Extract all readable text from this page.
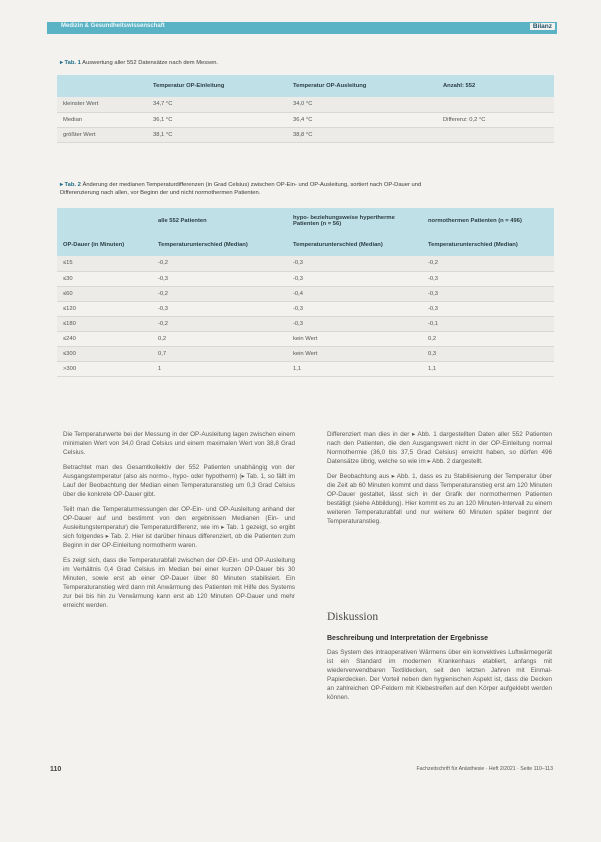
Medizin & Gesundheitswissenschaft	Bilanz
▸ Tab. 1 Auswertung aller 552 Datensätze nach dem Messen.
	Temperatur OP-Einleitung	Temperatur OP-Ausleitung	Anzahl: 552
kleinster Wert	34,7 °C	34,0 °C	
Median	36,1 °C	36,4 °C	Differenz: 0,2 °C
größter Wert	38,1 °C	38,8 °C	
▸ Tab. 2 Änderung der medianen Temperaturdifferenzen (in Grad Celsius) zwischen OP-Ein- und OP-Ausleitung, sortiert nach OP-Dauer und
Differenzierung nach allen, vor Beginn der und nicht normothermen Patienten.
	alle 552 Patienten	hypo- beziehungsweise hypertherme Patienten (n = 56)	normothermen Patienten (n = 496)
OP-Dauer (in Minuten)	Temperaturunterschied (Median)	Temperaturunterschied (Median)	Temperaturunterschied (Median)
≤15	-0,2	-0,3	-0,2
≤30	-0,3	-0,3	-0,3
≤60	-0,2	-0,4	-0,3
≤120	-0,3	-0,3	-0,3
≤180	-0,2	-0,3	-0,1
≤240	0,2	kein Wert	0,2
≤300	0,7	kein Wert	0,3
>300	1	1,1	1,1

Die Temperaturwerte bei der Messung in der OP-Ausleitung lagen zwischen einem minimalen Wert von 34,0 Grad Celsius und einem maximalen Wert von 38,8 Grad Celsius.

Betrachtet man des Gesamtkollektiv der 552 Patienten unabhängig von der Ausgangstemperatur (also als normo-, hypo- oder hypotherm) (▸ Tab. 1, so fällt im Lauf der Beobachtung der Median einen Temperaturanstieg um 0,3 Grad Celsius über die konkrete OP-Dauer gibt.

Teilt man die Temperaturmessungen der OP-Ein- und OP-Ausleitung anhand der OP-Dauer auf und bestimmt von den ergebnissen Medianen (Ein- und Ausleitungstemperatur) die Temperaturdifferenz, wie im ▸ Tab. 1 gezeigt, so ergibt sich folgendes ▸ Tab. 2. Hier ist darüber hinaus differenziert, ob die Patienten zum Beginn in der OP-Einleitung normotherm waren.

Es zeigt sich, dass die Temperaturabfall zwischen der OP-Ein- und OP-Ausleitung im Verhältnis 0,4 Grad Celsius im Median bei einer kurzen OP-Dauer bis 30 Minuten, sowie erst ab einer OP-Dauer über 80 Minuten stabilisiert. Ein Temperaturanstieg wird dann mit Anwärmung des Patienten mit Hilfe des Systems zur bei bis hin zu Verwärmung kann erst ab 120 Minuten OP-Dauer und mehr erreicht werden.

Differenziert man dies in der ▸ Abb. 1 dargestellten Daten aller 552 Patienten nach den Patienten, die den Ausgangswert nicht in der OP-Einleitung normal Normothermie (36,0 bis 37,5 Grad Celsius) erreicht haben, so dürfen 496 Datensätze übrig, welche so wie im ▸ Abb. 2 dargestellt.

Der Beobachtung aus ▸ Abb. 1, dass es zu Stabilisierung der Temperatur über die Zeit ab 60 Minuten kommt und dass Temperaturanstieg erst am 120 Minuten OP-Dauer gestaltet, lässt sich in der Grafik der normothermen Patienten bestätigt (siehe Abbildung). Hier kommt es zu an 120 Minuten-Intervall zu einem weiteren Temperaturabfall und nur weitere 60 Minuten später beginnt der Temperaturanstieg.

Diskussion
Beschreibung und Interpretation der Ergebnisse

Das System des intraoperativen Wärmens über ein konvektives Luftwärmegerät ist ein Standard im modernen Krankenhaus etabliert, anfangs mit wiederverwendbaren Textildecken, seit den letzten Jahren mit Einmal-Papierdecken. Der Vorteil neben den hygienischen Aspekt ist, dass die Decken an zahlreichen OP-Feldern mit Klebestreifen auf den Körper aufgeklebt werden können.

110	Fachzeitschrift für Anästhesie · Heft 2/2021 · Seite 110–113
